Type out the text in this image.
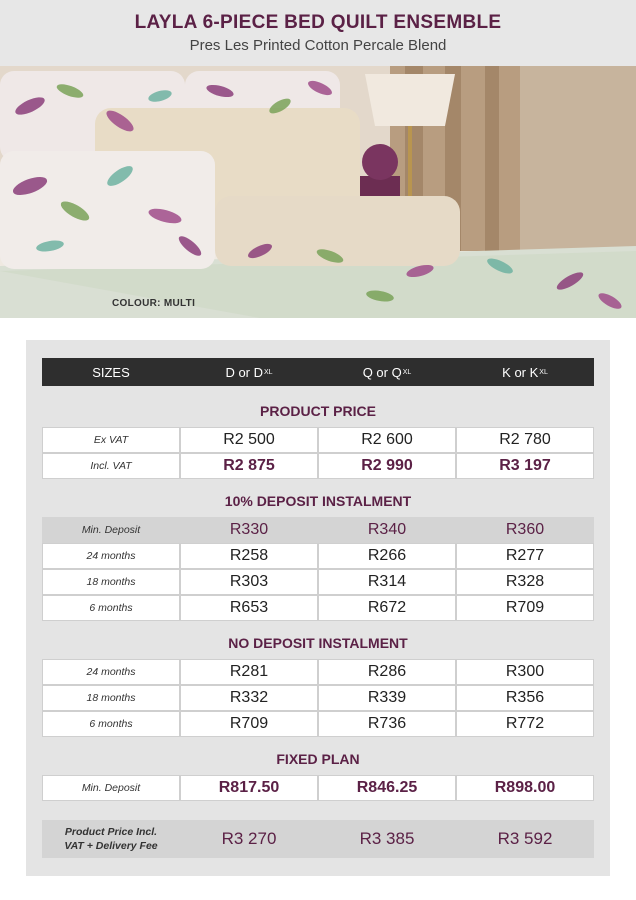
LAYLA 6-PIECE BED QUILT ENSEMBLE
Pres Les Printed Cotton Percale Blend
COLOUR: MULTI
SIZES	D or D XL	Q or Q XL	K or K XL
PRODUCT PRICE
Ex VAT	R2 500	R2 600	R2 780
Incl. VAT	R2 875	R2 990	R3 197
10% DEPOSIT INSTALMENT
Min. Deposit	R330	R340	R360
24 months	R258	R266	R277
18 months	R303	R314	R328
6 months	R653	R672	R709
NO DEPOSIT INSTALMENT
24 months	R281	R286	R300
18 months	R332	R339	R356
6 months	R709	R736	R772
FIXED PLAN
Min. Deposit	R817.50	R846.25	R898.00
Product Price Incl.
VAT + Delivery Fee	R3 270	R3 385	R3 592
